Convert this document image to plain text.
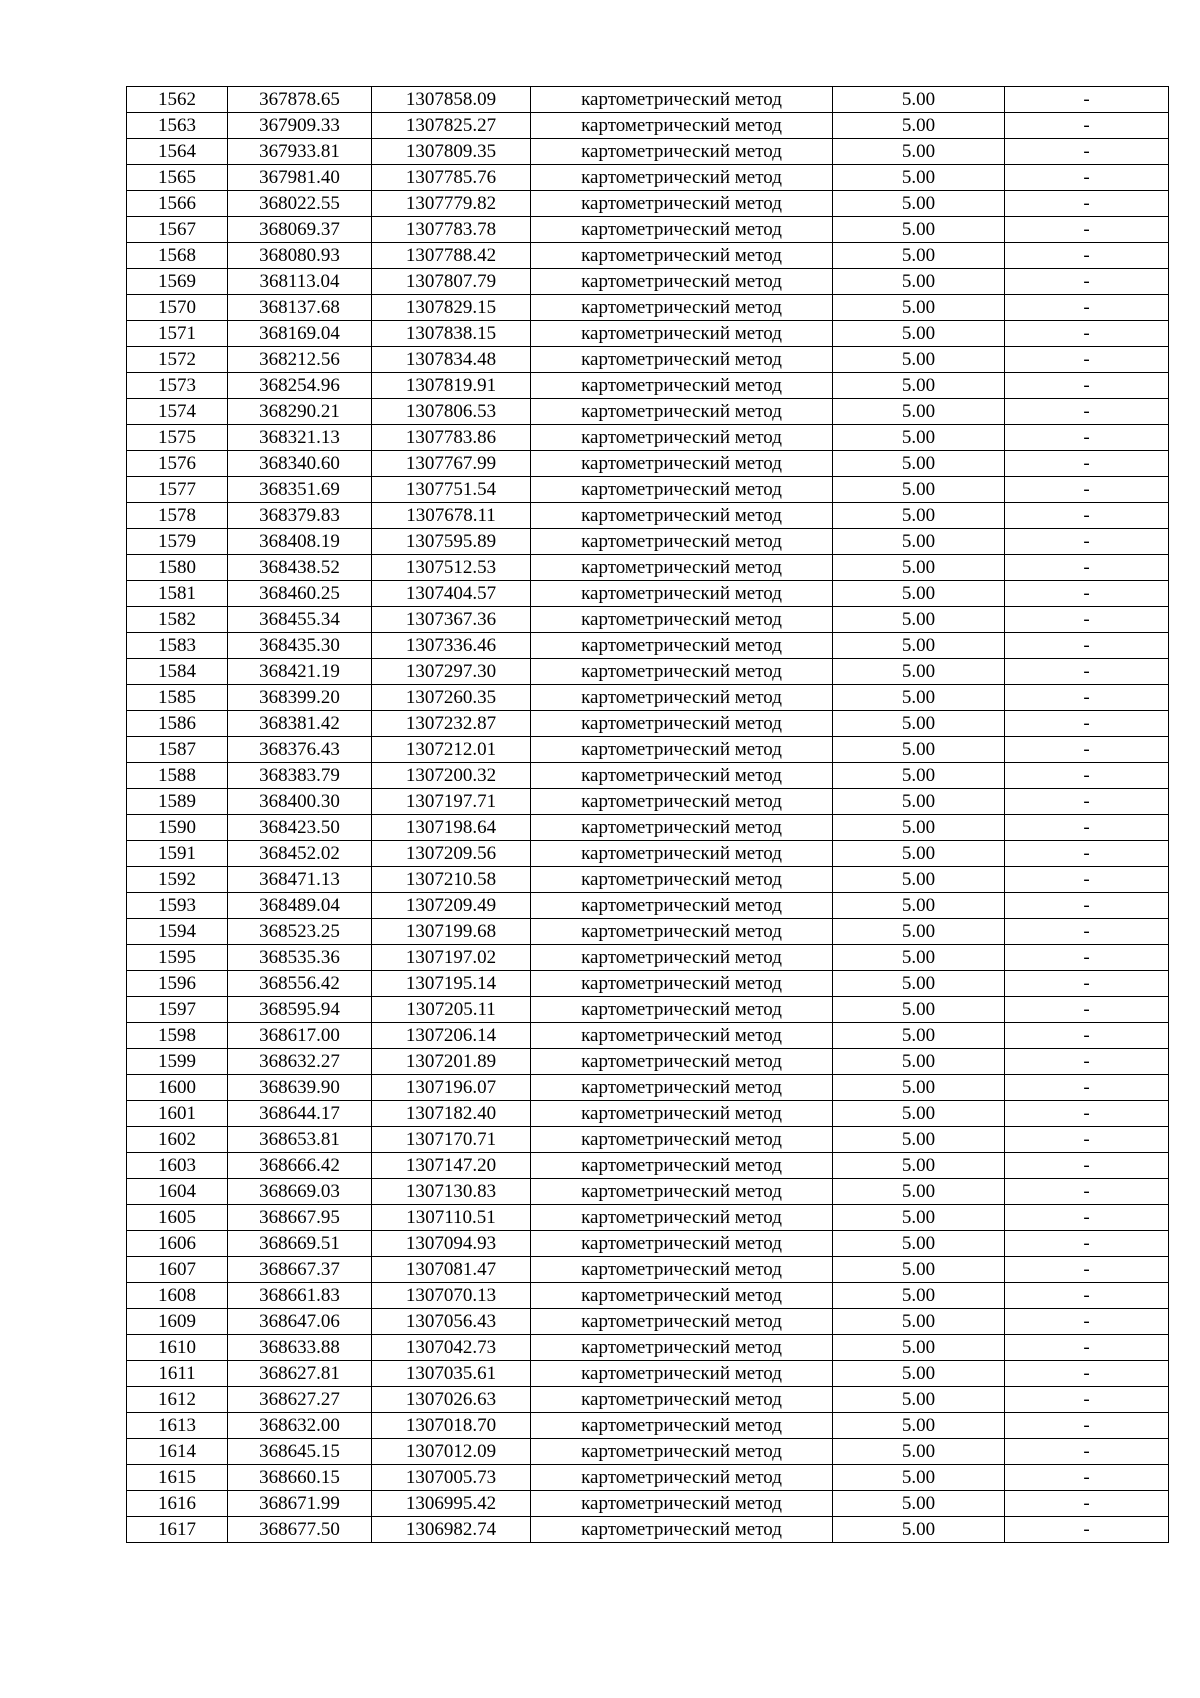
1562	367878.65	1307858.09	картометрический метод	5.00	-
1563	367909.33	1307825.27	картометрический метод	5.00	-
1564	367933.81	1307809.35	картометрический метод	5.00	-
1565	367981.40	1307785.76	картометрический метод	5.00	-
1566	368022.55	1307779.82	картометрический метод	5.00	-
1567	368069.37	1307783.78	картометрический метод	5.00	-
1568	368080.93	1307788.42	картометрический метод	5.00	-
1569	368113.04	1307807.79	картометрический метод	5.00	-
1570	368137.68	1307829.15	картометрический метод	5.00	-
1571	368169.04	1307838.15	картометрический метод	5.00	-
1572	368212.56	1307834.48	картометрический метод	5.00	-
1573	368254.96	1307819.91	картометрический метод	5.00	-
1574	368290.21	1307806.53	картометрический метод	5.00	-
1575	368321.13	1307783.86	картометрический метод	5.00	-
1576	368340.60	1307767.99	картометрический метод	5.00	-
1577	368351.69	1307751.54	картометрический метод	5.00	-
1578	368379.83	1307678.11	картометрический метод	5.00	-
1579	368408.19	1307595.89	картометрический метод	5.00	-
1580	368438.52	1307512.53	картометрический метод	5.00	-
1581	368460.25	1307404.57	картометрический метод	5.00	-
1582	368455.34	1307367.36	картометрический метод	5.00	-
1583	368435.30	1307336.46	картометрический метод	5.00	-
1584	368421.19	1307297.30	картометрический метод	5.00	-
1585	368399.20	1307260.35	картометрический метод	5.00	-
1586	368381.42	1307232.87	картометрический метод	5.00	-
1587	368376.43	1307212.01	картометрический метод	5.00	-
1588	368383.79	1307200.32	картометрический метод	5.00	-
1589	368400.30	1307197.71	картометрический метод	5.00	-
1590	368423.50	1307198.64	картометрический метод	5.00	-
1591	368452.02	1307209.56	картометрический метод	5.00	-
1592	368471.13	1307210.58	картометрический метод	5.00	-
1593	368489.04	1307209.49	картометрический метод	5.00	-
1594	368523.25	1307199.68	картометрический метод	5.00	-
1595	368535.36	1307197.02	картометрический метод	5.00	-
1596	368556.42	1307195.14	картометрический метод	5.00	-
1597	368595.94	1307205.11	картометрический метод	5.00	-
1598	368617.00	1307206.14	картометрический метод	5.00	-
1599	368632.27	1307201.89	картометрический метод	5.00	-
1600	368639.90	1307196.07	картометрический метод	5.00	-
1601	368644.17	1307182.40	картометрический метод	5.00	-
1602	368653.81	1307170.71	картометрический метод	5.00	-
1603	368666.42	1307147.20	картометрический метод	5.00	-
1604	368669.03	1307130.83	картометрический метод	5.00	-
1605	368667.95	1307110.51	картометрический метод	5.00	-
1606	368669.51	1307094.93	картометрический метод	5.00	-
1607	368667.37	1307081.47	картометрический метод	5.00	-
1608	368661.83	1307070.13	картометрический метод	5.00	-
1609	368647.06	1307056.43	картометрический метод	5.00	-
1610	368633.88	1307042.73	картометрический метод	5.00	-
1611	368627.81	1307035.61	картометрический метод	5.00	-
1612	368627.27	1307026.63	картометрический метод	5.00	-
1613	368632.00	1307018.70	картометрический метод	5.00	-
1614	368645.15	1307012.09	картометрический метод	5.00	-
1615	368660.15	1307005.73	картометрический метод	5.00	-
1616	368671.99	1306995.42	картометрический метод	5.00	-
1617	368677.50	1306982.74	картометрический метод	5.00	-
